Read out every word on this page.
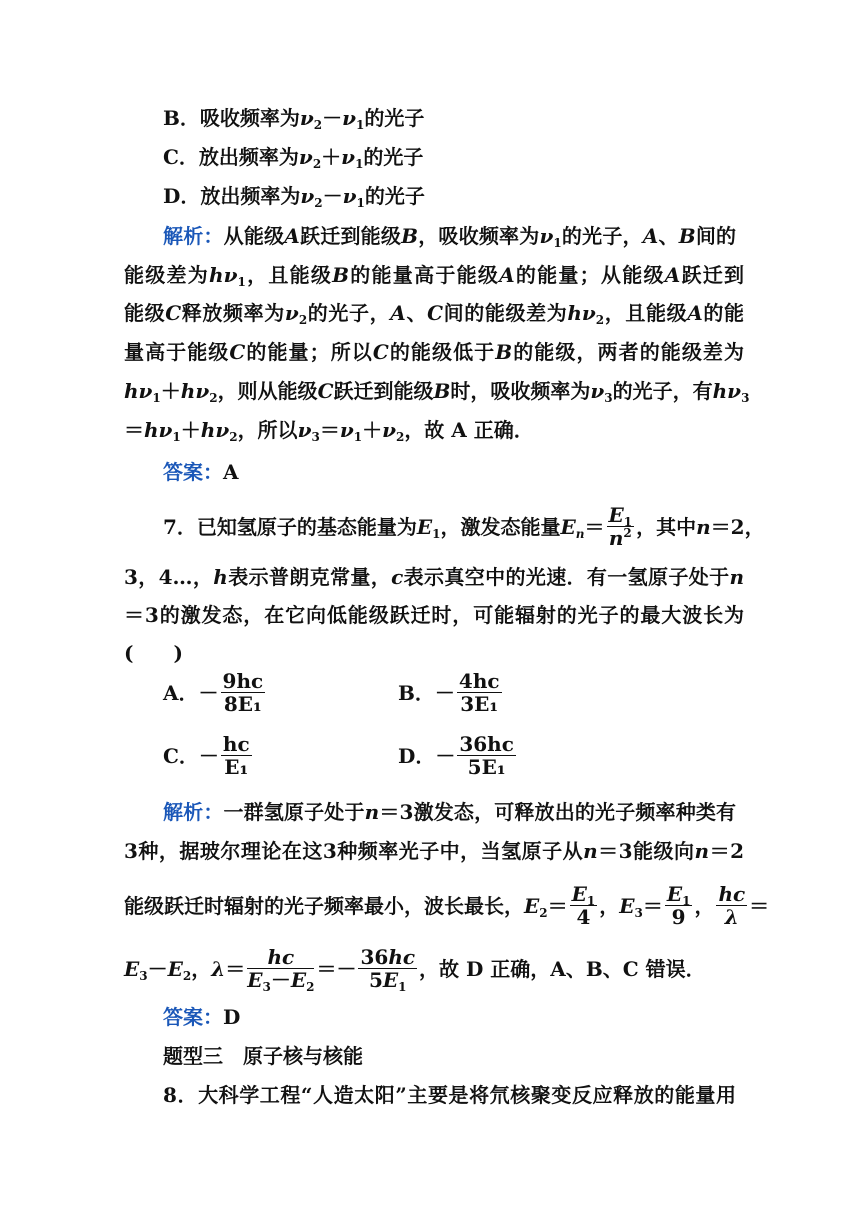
B．吸收频率为$\nu_2-\nu_1$的光子
C．放出频率为$\nu_2+\nu_1$的光子
D．放出频率为$\nu_2-\nu_1$的光子
解析：从能级A跃迁到能级B，吸收频率为$\nu_1$的光子，A、B间的
能级差为$h\nu_1$，且能级B的能量高于能级A的能量；从能级A跃迁到
能级C释放频率为$\nu_2$的光子，A、C间的能级差为$h\nu_2$，且能级A的能
量高于能级C的能量；所以C的能级低于B的能级，两者的能级差为
$h\nu_1+h\nu_2$，则从能级C跃迁到能级B时，吸收频率为$\nu_3$的光子，有$h\nu_3$
$=h\nu_1+h\nu_2$，所以$\nu_3=\nu_1+\nu_2$，故 A 正确．
答案：A
7．已知氢原子的基态能量为$E_1$，激发态能量$E_n= \frac{E_1}{n^2}$ ，其中n＝2，
3，4…，h表示普朗克常量，c表示真空中的光速．有一氢原子处于n
＝3的激发态，在它向低能级跃迁时，可能辐射的光子的最大波长为
(　　)
A．－ $\frac{9hc}{\text{8E₁}}$	B．－ $\frac{4hc}{\text{3E₁}}$
C．－ $\frac{hc}{\text{E₁}}$	D．－ $\frac{36hc}{\text{5E₁}}$
解析：一群氢原子处于n＝3激发态，可释放出的光子频率种类有
3种，据玻尔理论在这3种频率光子中，当氢原子从n＝3能级向n＝2
能级跃迁时辐射的光子频率最小，波长最长，$E_2= \frac{E_1}{4}$ ，$E_3= \frac{E_1}{9}$ ， $\frac{hc}{\lambda}$ ＝
$E_3-E_2$，$\lambda= \frac{hc}{E_3-E_2} =- \frac{36hc}{5E_1}$ ，故 D 正确，A、B、C 错误．
答案：D
题型三　原子核与核能
8．大科学工程“人造太阳”主要是将氘核聚变反应释放的能量用
